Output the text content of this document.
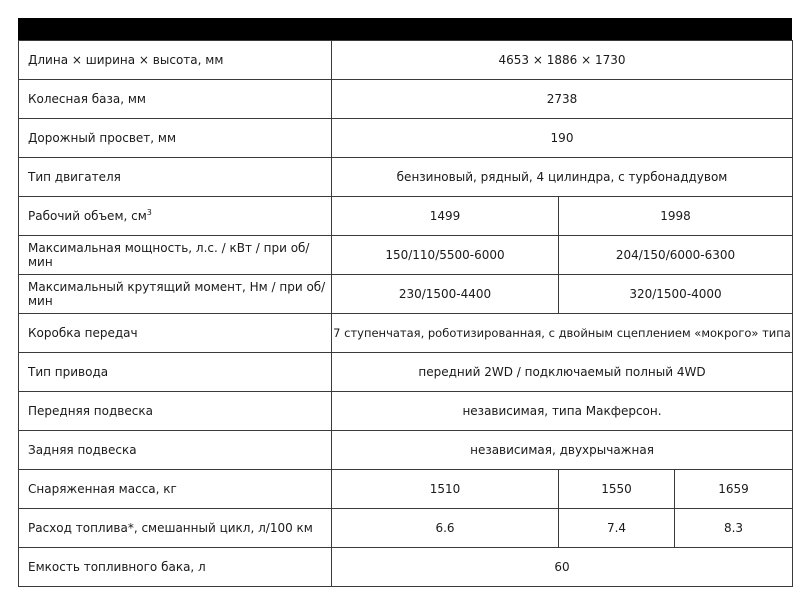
Длина × ширина × высота, мм	4653 × 1886 × 1730		
Колесная база, мм	2738		
Дорожный просвет, мм	190		
Тип двигателя	бензиновый, рядный, 4 цилиндра, с турбонаддувом		
Рабочий объем, $см^3$	1499	1998	
Максимальная мощность, л.с. / кВт / при об/мин	150/110/5500-6000	204/150/6000-6300	
Максимальный крутящий момент, Нм / при об/мин	230/1500-4400	320/1500-4000	
Коробка передач	7 ступенчатая, роботизированная, с двойным сцеплением «мокрого» типа		
Тип привода	передний 2WD / подключаемый полный 4WD		
Передняя подвеска	независимая, типа Макферсон.		
Задняя подвеска	независимая, двухрычажная		
Снаряженная масса, кг	1510	1550	1659
Расход топлива*, смешанный цикл, л/100 км	6.6	7.4	8.3
Емкость топливного бака, л	60		
